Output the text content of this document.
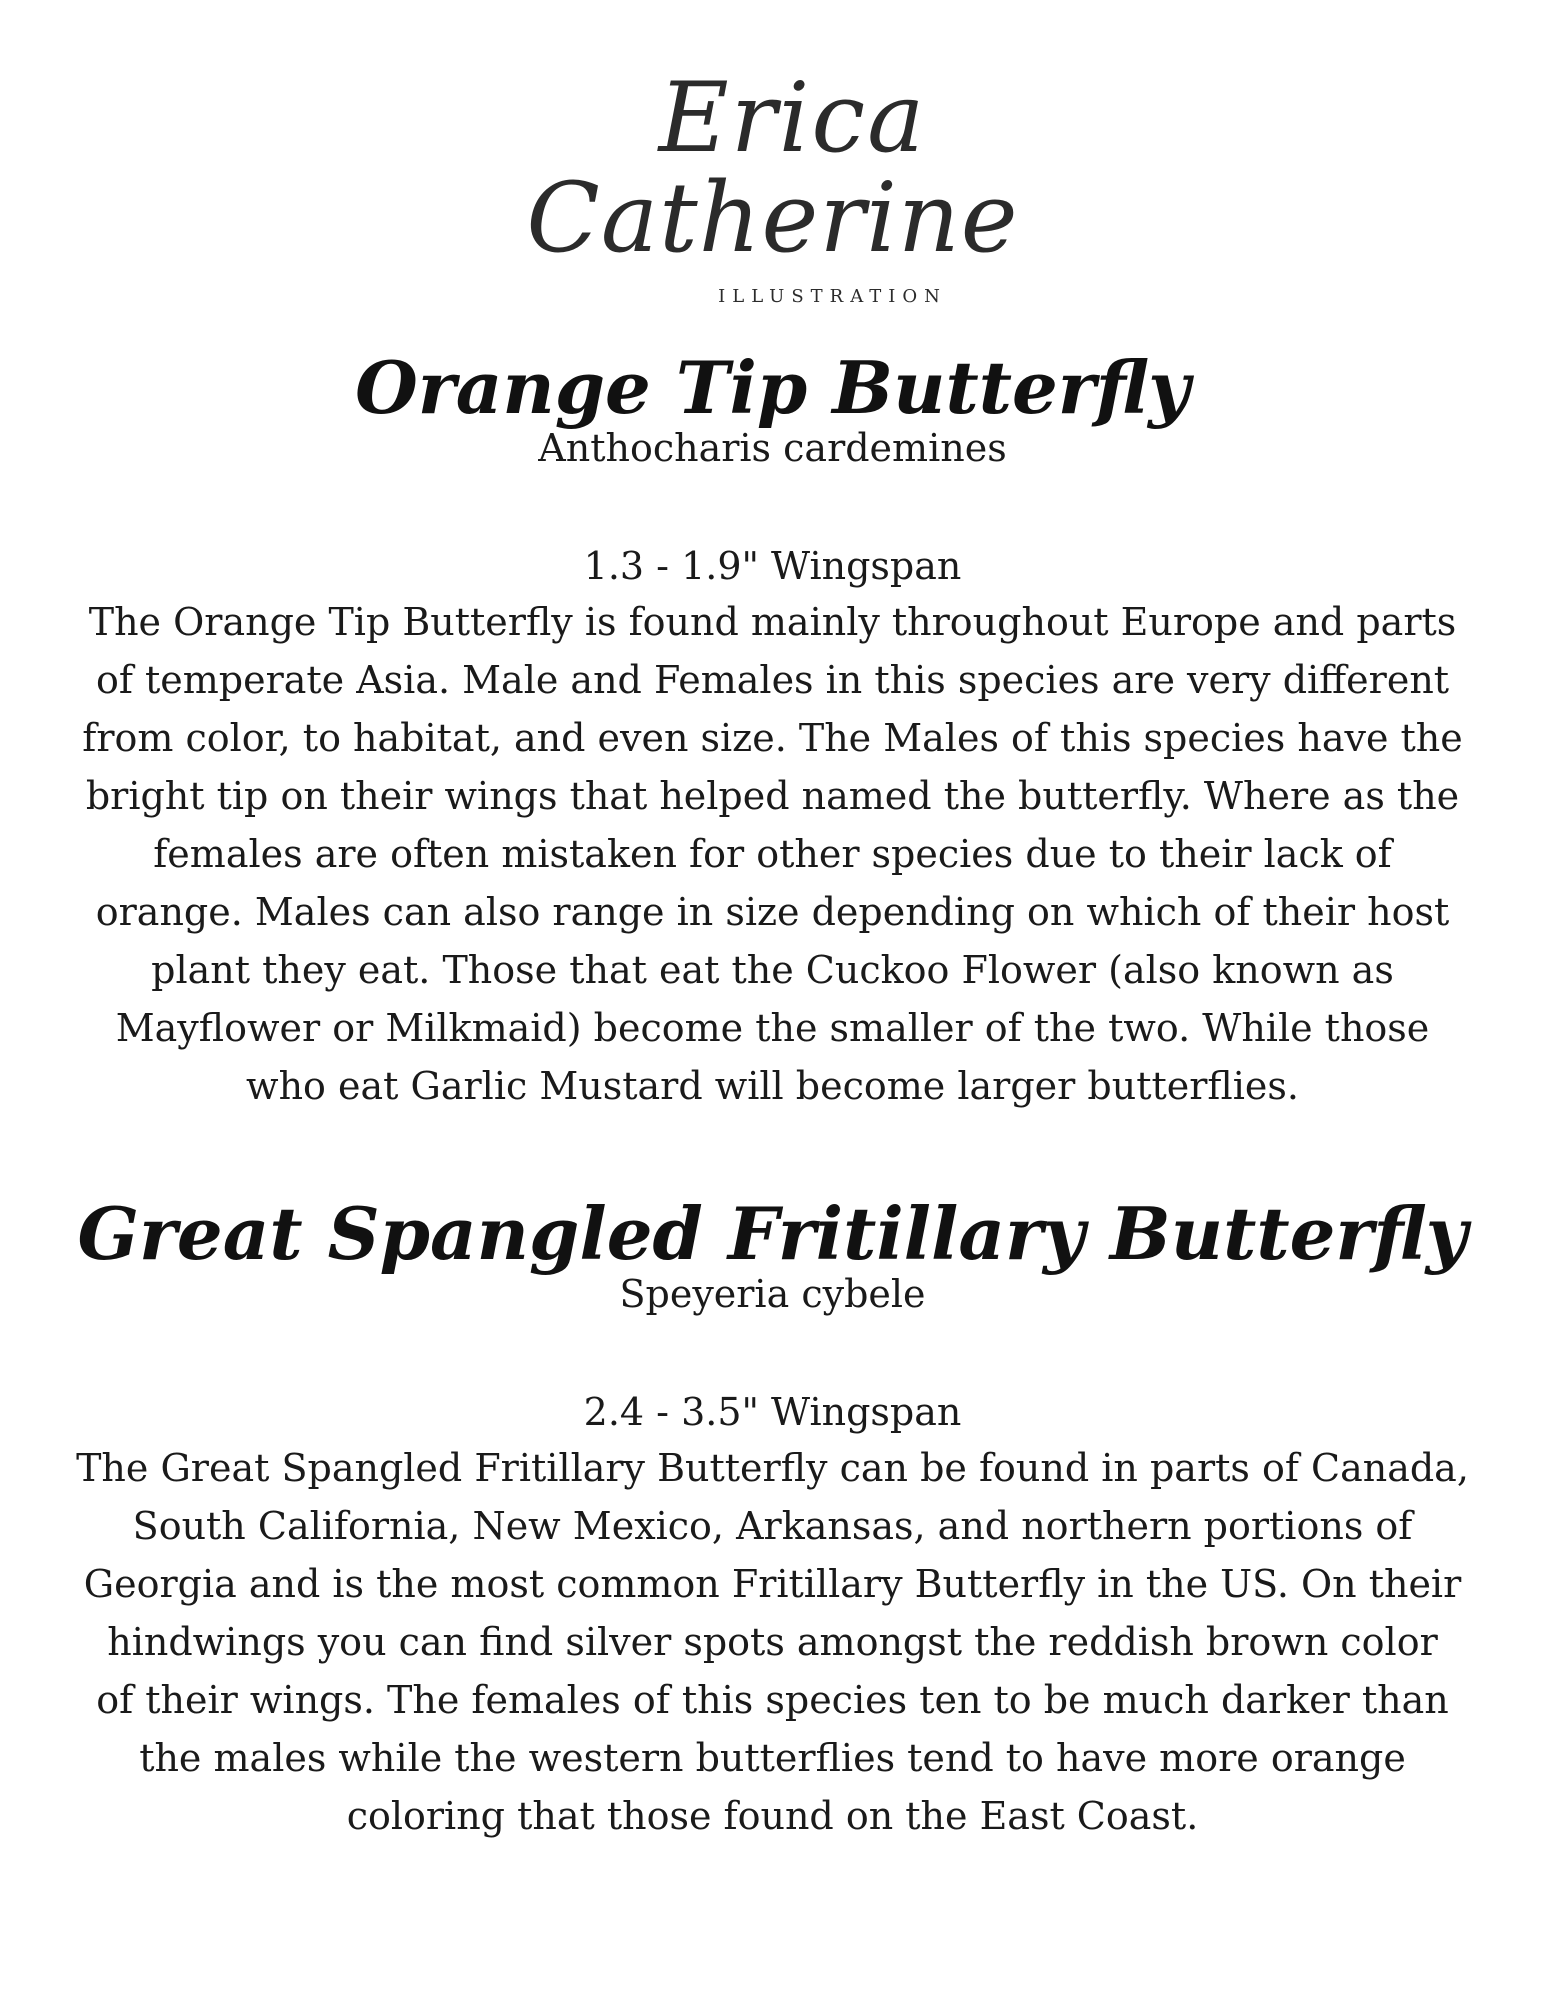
Erica
Catherine
ILLUSTRATION
Orange Tip Butterfly
Anthocharis cardemines
1.3 - 1.9" Wingspan
The Orange Tip Butterfly is found mainly throughout Europe and parts
of temperate Asia. Male and Females in this species are very different
from color, to habitat, and even size. The Males of this species have the
bright tip on their wings that helped named the butterfly. Where as the
females are often mistaken for other species due to their lack of
orange. Males can also range in size depending on which of their host
plant they eat. Those that eat the Cuckoo Flower (also known as
Mayflower or Milkmaid) become the smaller of the two. While those
who eat Garlic Mustard will become larger butterflies.
Great Spangled Fritillary Butterfly
Speyeria cybele
2.4 - 3.5" Wingspan
The Great Spangled Fritillary Butterfly can be found in parts of Canada,
South California, New Mexico, Arkansas, and northern portions of
Georgia and is the most common Fritillary Butterfly in the US. On their
hindwings you can find silver spots amongst the reddish brown color
of their wings. The females of this species ten to be much darker than
the males while the western butterflies tend to have more orange
coloring that those found on the East Coast.
